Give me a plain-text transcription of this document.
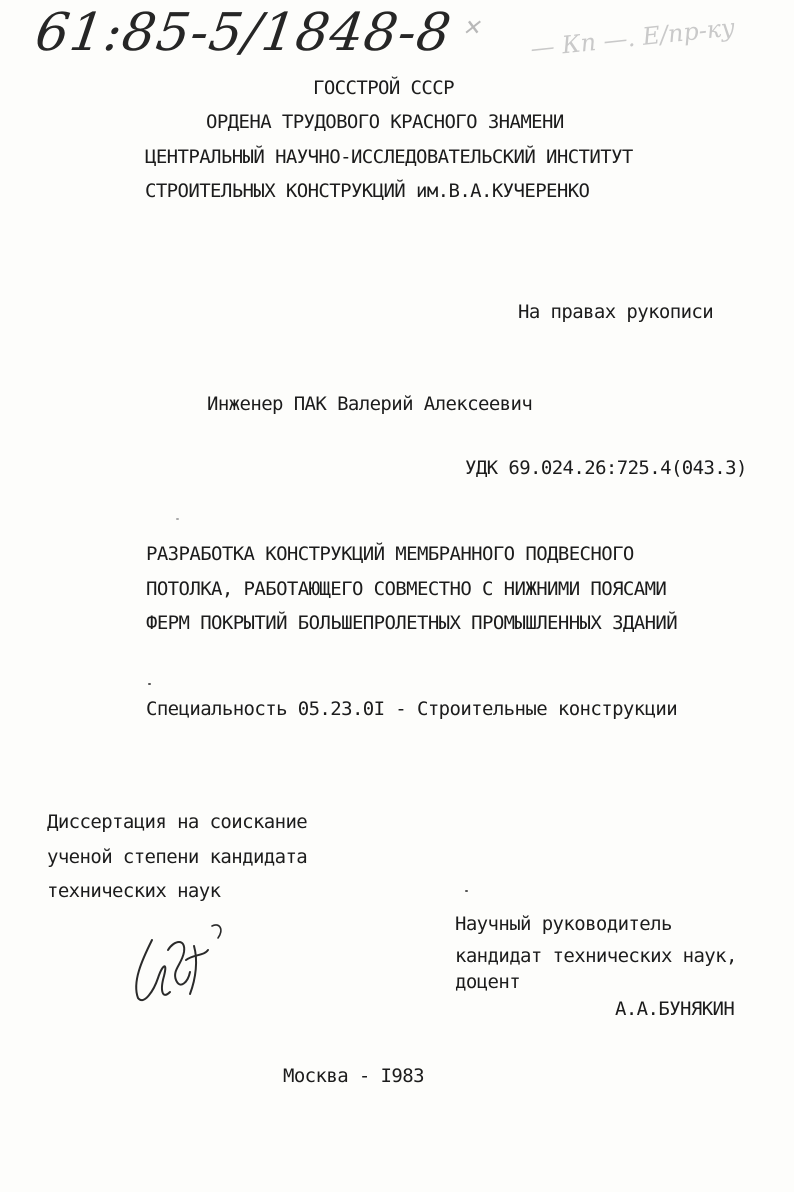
61:85-5/1848-8 ✕ — Кп —. Е/пр-ку
ГОССТРОЙ СССР
ОРДЕНА ТРУДОВОГО КРАСНОГО ЗНАМЕНИ
ЦЕНТРАЛЬНЫЙ НАУЧНО-ИССЛЕДОВАТЕЛЬСКИЙ ИНСТИТУТ
СТРОИТЕЛЬНЫХ КОНСТРУКЦИЙ им.В.А.КУЧЕРЕНКО
На правах рукописи
Инженер ПАК Валерий Алексеевич
УДК 69.024.26:725.4(043.3)
РАЗРАБОТКА КОНСТРУКЦИЙ МЕМБРАННОГО ПОДВЕСНОГО
ПОТОЛКА, РАБОТАЮЩЕГО СОВМЕСТНО С НИЖНИМИ ПОЯСАМИ
ФЕРМ ПОКРЫТИЙ БОЛЬШЕПРОЛЕТНЫХ ПРОМЫШЛЕННЫХ ЗДАНИЙ
Специальность 05.23.0I - Строительные конструкции
Диссертация на соискание
ученой степени кандидата
технических наук
Научный руководитель
кандидат технических наук,
доцент
А.А.БУНЯКИН
Москва - I983
